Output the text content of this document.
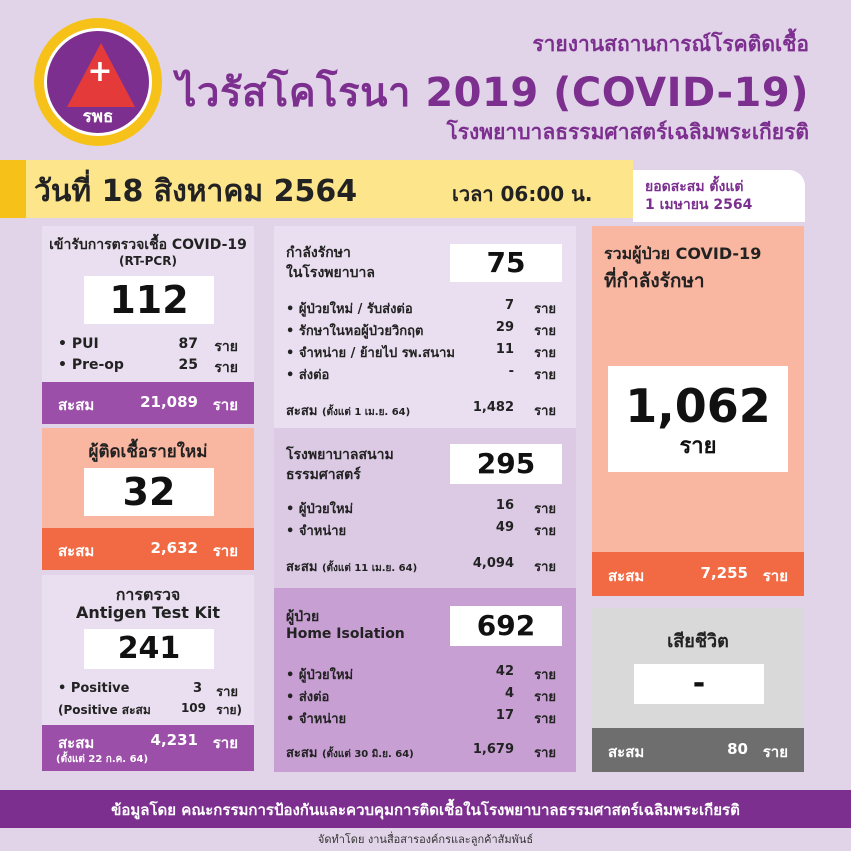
+
รพธ
รายงานสถานการณ์โรคติดเชื้อ
ไวรัสโคโรนา 2019 (COVID-19)
โรงพยาบาลธรรมศาสตร์เฉลิมพระเกียรติ
วันที่ 18 สิงหาคม 2564	เวลา 06:00 น.	ยอดสะสม ตั้งแต่
1 เมษายน 2564
เข้ารับการตรวจเชื้อ COVID-19
(RT-PCR)
112
• PUI	87 ราย
• Pre-op	25 ราย
สะสม	21,089 ราย
ผู้ติดเชื้อรายใหม่
32
สะสม	2,632 ราย
การตรวจ
Antigen Test Kit
241
• Positive	3 ราย
(Positive สะสม	109 ราย)
สะสม	4,231 ราย
(ตั้งแต่ 22 ก.ค. 64)
กำลังรักษา
ในโรงพยาบาล	75
• ผู้ป่วยใหม่ / รับส่งต่อ	7 ราย
• รักษาในหอผู้ป่วยวิกฤต	29 ราย
• จำหน่าย / ย้ายไป รพ.สนาม	11 ราย
• ส่งต่อ	- ราย
สะสม (ตั้งแต่ 1 เม.ย. 64)	1,482 ราย
โรงพยาบาลสนาม
ธรรมศาสตร์	295
• ผู้ป่วยใหม่	16 ราย
• จำหน่าย	49 ราย
สะสม (ตั้งแต่ 11 เม.ย. 64)	4,094 ราย
ผู้ป่วย
Home Isolation	692
• ผู้ป่วยใหม่	42 ราย
• ส่งต่อ	4 ราย
• จำหน่าย	17 ราย
สะสม (ตั้งแต่ 30 มิ.ย. 64)	1,679 ราย
รวมผู้ป่วย COVID-19
ที่กำลังรักษา
1,062
ราย
สะสม	7,255 ราย
เสียชีวิต
-
สะสม	80 ราย
ข้อมูลโดย คณะกรรมการป้องกันและควบคุมการติดเชื้อในโรงพยาบาลธรรมศาสตร์เฉลิมพระเกียรติ
จัดทำโดย งานสื่อสารองค์กรและลูกค้าสัมพันธ์
